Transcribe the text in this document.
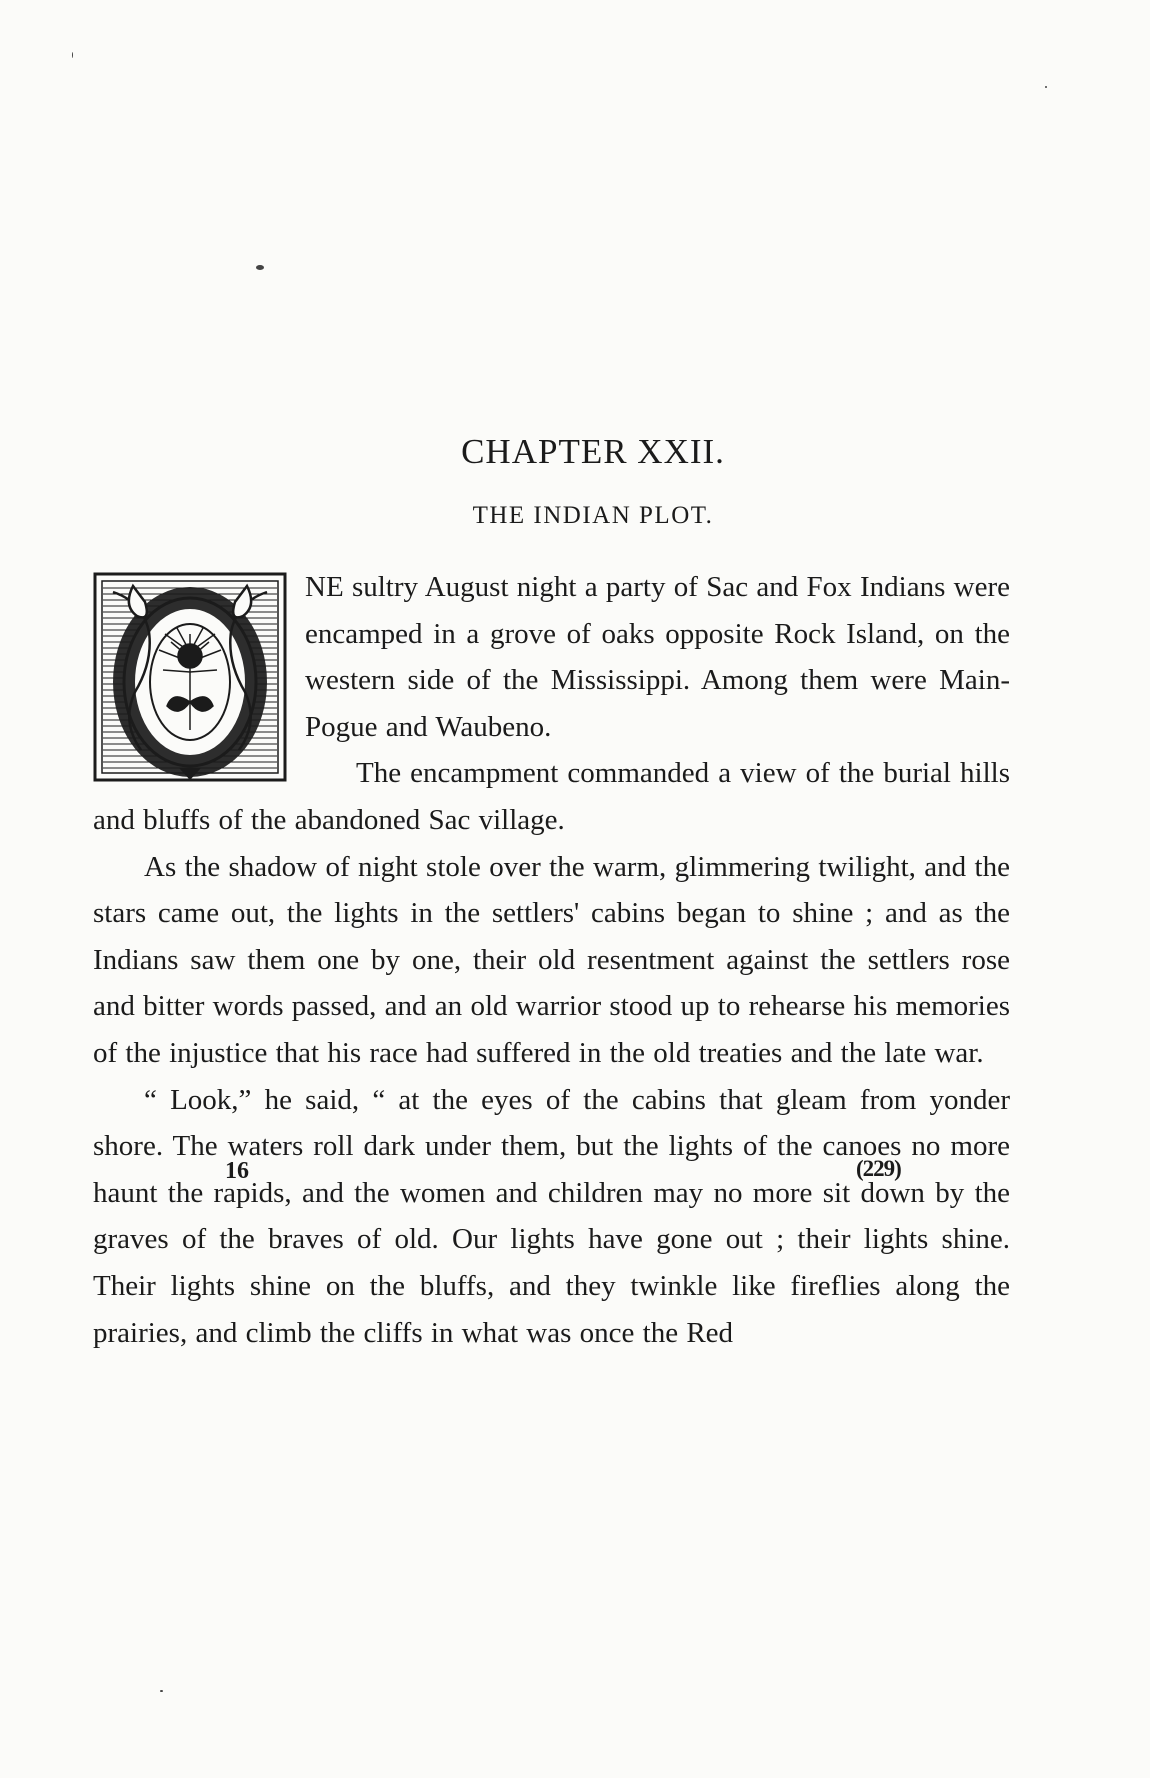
CHAPTER XXII.
THE INDIAN PLOT.

NE sultry August night a party of Sac and Fox Indians were encamped in a grove of oaks opposite Rock Island, on the western side of the Mississippi. Among them were Main-Pogue and Waubeno.

The encampment commanded a view of the burial hills and bluffs of the abandoned Sac village.

As the shadow of night stole over the warm, glimmering twilight, and the stars came out, the lights in the settlers' cabins began to shine ; and as the Indians saw them one by one, their old resentment against the settlers rose and bitter words passed, and an old warrior stood up to rehearse his memories of the injustice that his race had suffered in the old treaties and the late war.

“ Look,” he said, “ at the eyes of the cabins that gleam from yonder shore. The waters roll dark under them, but the lights of the canoes no more haunt the rapids, and the women and children may no more sit down by the graves of the braves of old. Our lights have gone out ; their lights shine. Their lights shine on the bluffs, and they twinkle like fireflies along the prairies, and climb the cliffs in what was once the Red

16	(229)
